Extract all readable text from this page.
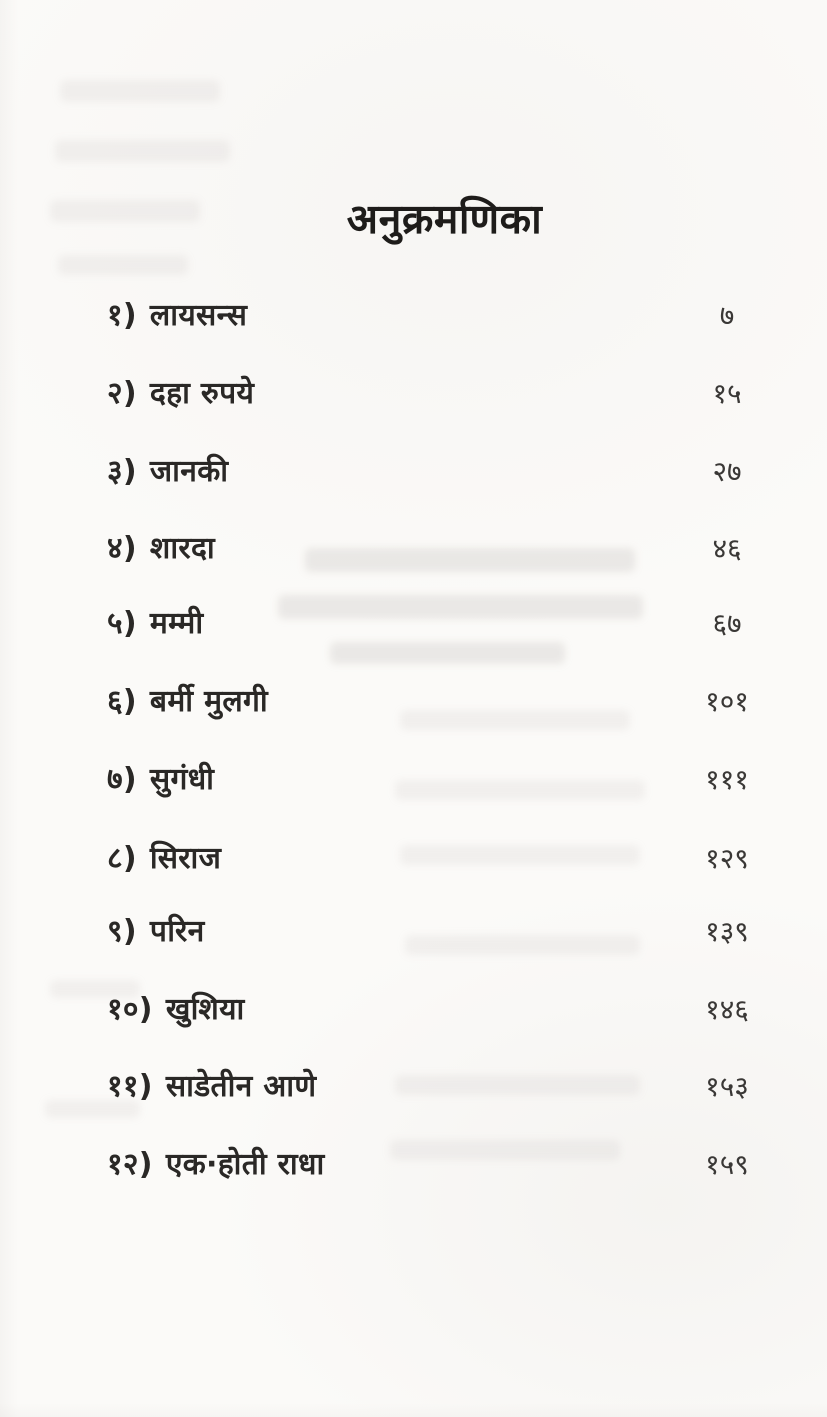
अनुक्रमणिका
१) लायसन्स	७
२) दहा रुपये	१५
३) जानकी	२७
४) शारदा	४६
५) मम्मी	६७
६) बर्मी मुलगी	१०१
७) सुगंधी	१११
८) सिराज	१२९
९) परिन	१३९
१०) खुशिया	१४६
११) साडेतीन आणे	१५३
१२) एक·होती राधा	१५९
